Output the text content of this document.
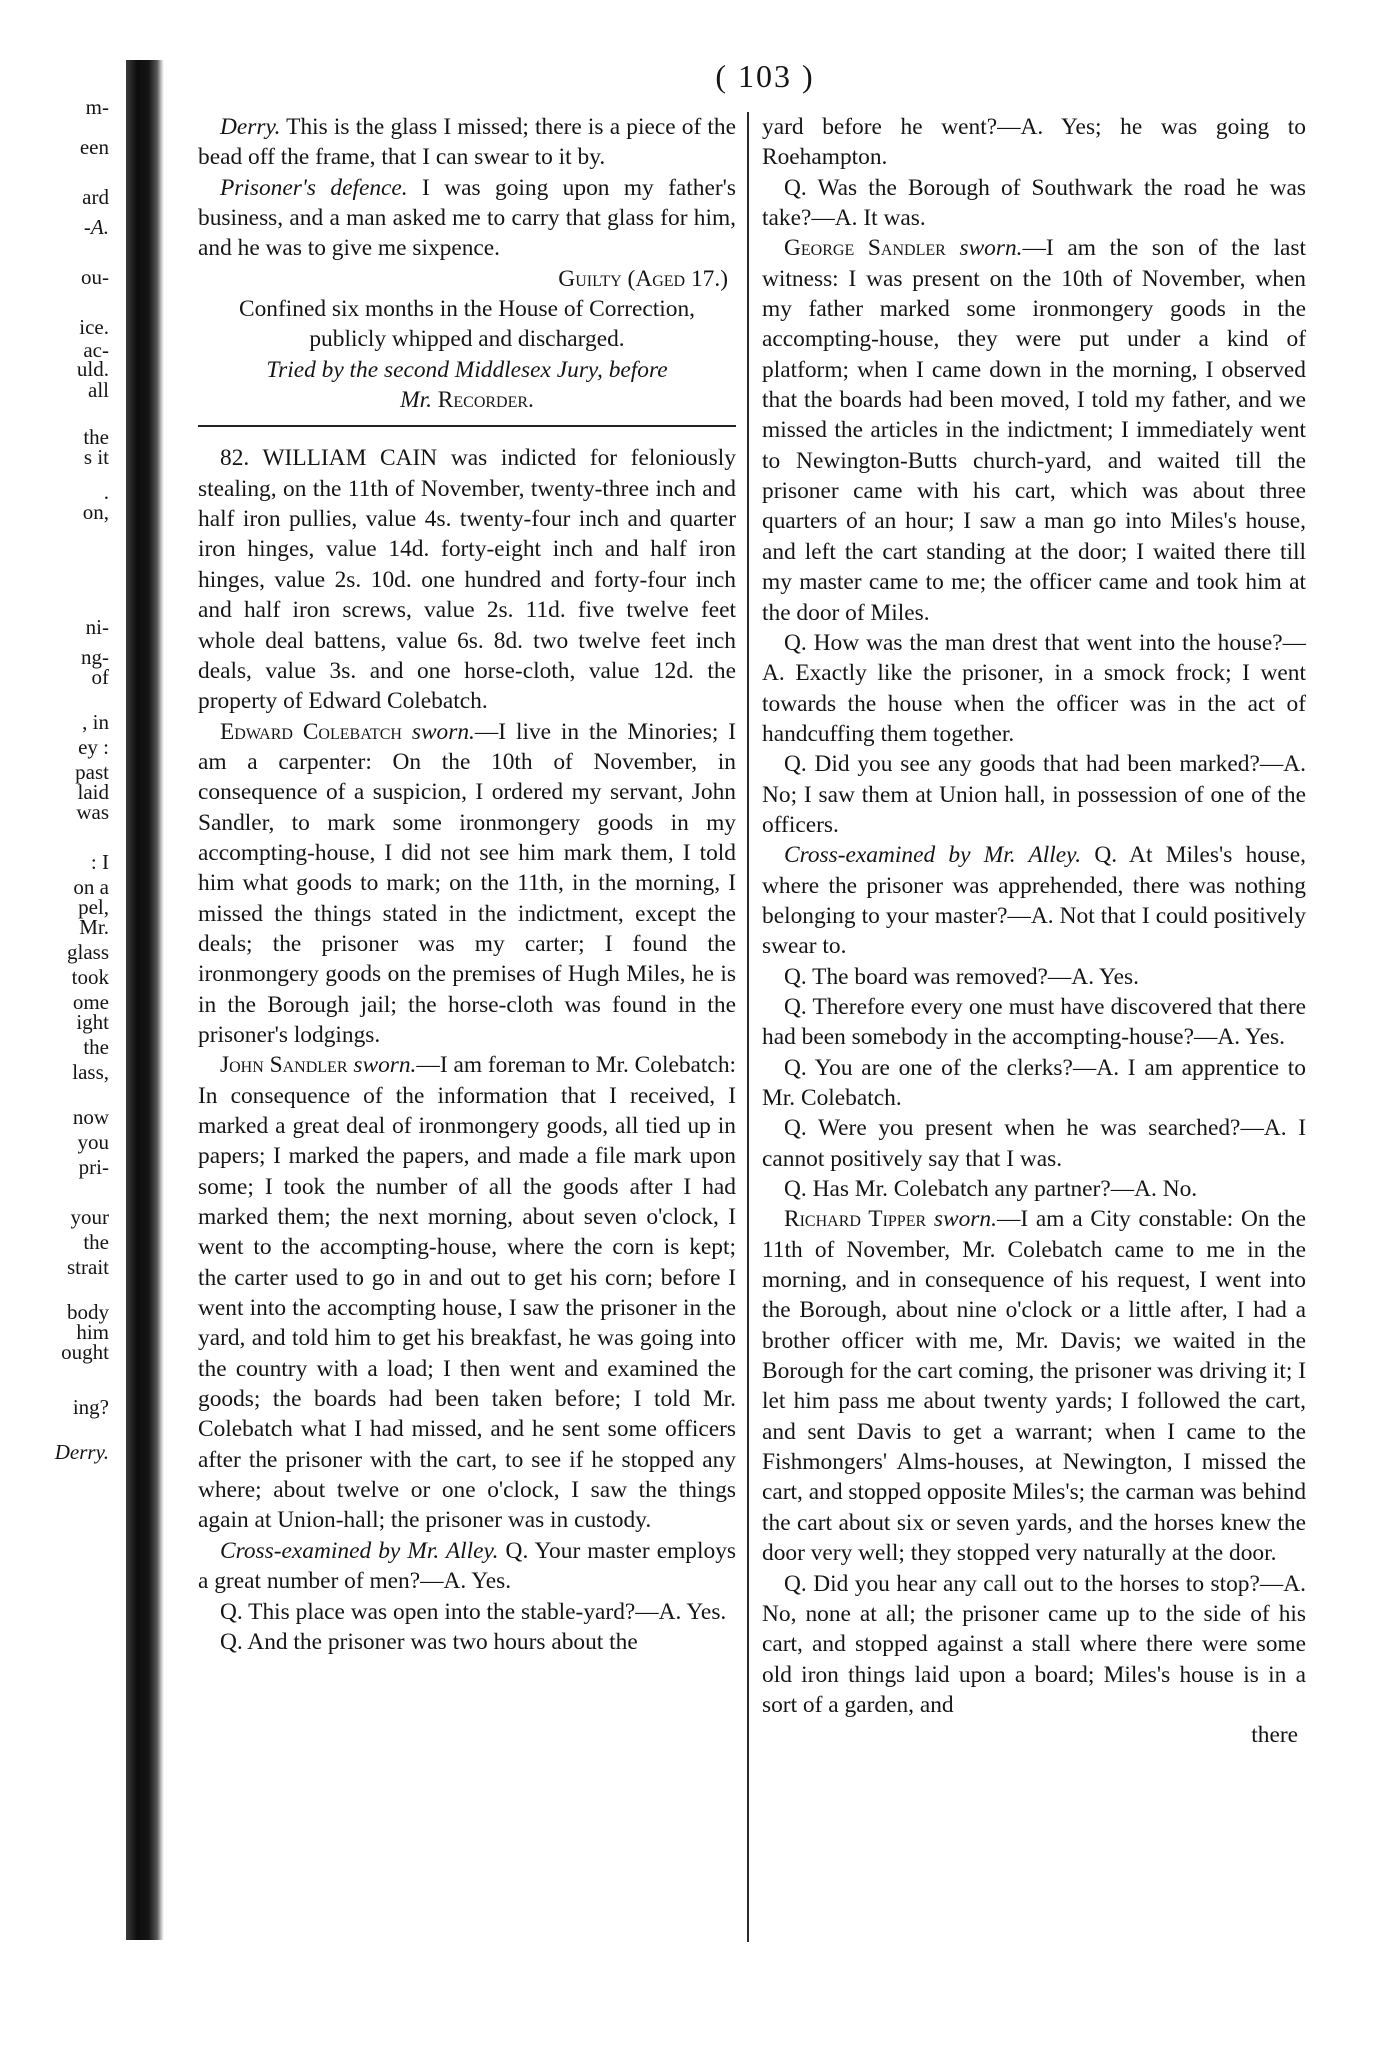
m-
een
ard
-A.
ou-
ice.
ac-
uld.
all
the
s it
.
on,
ni-
ng-
of
, in
ey :
past
laid
was
: I
on a
pel,
Mr.
glass
took
ome
ight
the
lass,
now
you
pri-
your
the
strait
body
him
ought
ing?
Derry.
( 103 )

Derry. This is the glass I missed; there is a piece of the bead off the frame, that I can swear to it by.

Prisoner's defence. I was going upon my father's business, and a man asked me to carry that glass for him, and he was to give me sixpence.

Guilty (Aged 17.)

Confined six months in the House of Correction, publicly whipped and discharged.

Tried by the second Middlesex Jury, before
Mr. Recorder.

82. WILLIAM CAIN was indicted for feloniously stealing, on the 11th of November, twenty-three inch and half iron pullies, value 4s. twenty-four inch and quarter iron hinges, value 14d. forty-eight inch and half iron hinges, value 2s. 10d. one hundred and forty-four inch and half iron screws, value 2s. 11d. five twelve feet whole deal battens, value 6s. 8d. two twelve feet inch deals, value 3s. and one horse-cloth, value 12d. the property of Edward Colebatch.

Edward Colebatch sworn.—I live in the Minories; I am a carpenter: On the 10th of November, in consequence of a suspicion, I ordered my servant, John Sandler, to mark some ironmongery goods in my accompting-house, I did not see him mark them, I told him what goods to mark; on the 11th, in the morning, I missed the things stated in the indictment, except the deals; the prisoner was my carter; I found the ironmongery goods on the premises of Hugh Miles, he is in the Borough jail; the horse-cloth was found in the prisoner's lodgings.

John Sandler sworn.—I am foreman to Mr. Colebatch: In consequence of the information that I received, I marked a great deal of ironmongery goods, all tied up in papers; I marked the papers, and made a file mark upon some; I took the number of all the goods after I had marked them; the next morning, about seven o'clock, I went to the accompting-house, where the corn is kept; the carter used to go in and out to get his corn; before I went into the accompting house, I saw the prisoner in the yard, and told him to get his breakfast, he was going into the country with a load; I then went and examined the goods; the boards had been taken before; I told Mr. Colebatch what I had missed, and he sent some officers after the prisoner with the cart, to see if he stopped any where; about twelve or one o'clock, I saw the things again at Union-hall; the prisoner was in custody.

Cross-examined by Mr. Alley. Q. Your master employs a great number of men?—A. Yes.

Q. This place was open into the stable-yard?—A. Yes.

Q. And the prisoner was two hours about the

yard before he went?—A. Yes; he was going to Roehampton.

Q. Was the Borough of Southwark the road he was take?—A. It was.

George Sandler sworn.—I am the son of the last witness: I was present on the 10th of November, when my father marked some ironmongery goods in the accompting-house, they were put under a kind of platform; when I came down in the morning, I observed that the boards had been moved, I told my father, and we missed the articles in the indictment; I immediately went to Newington-Butts church-yard, and waited till the prisoner came with his cart, which was about three quarters of an hour; I saw a man go into Miles's house, and left the cart standing at the door; I waited there till my master came to me; the officer came and took him at the door of Miles.

Q. How was the man drest that went into the house?—A. Exactly like the prisoner, in a smock frock; I went towards the house when the officer was in the act of handcuffing them together.

Q. Did you see any goods that had been marked?—A. No; I saw them at Union hall, in possession of one of the officers.

Cross-examined by Mr. Alley. Q. At Miles's house, where the prisoner was apprehended, there was nothing belonging to your master?—A. Not that I could positively swear to.

Q. The board was removed?—A. Yes.

Q. Therefore every one must have discovered that there had been somebody in the accompting-house?—A. Yes.

Q. You are one of the clerks?—A. I am apprentice to Mr. Colebatch.

Q. Were you present when he was searched?—A. I cannot positively say that I was.

Q. Has Mr. Colebatch any partner?—A. No.

Richard Tipper sworn.—I am a City constable: On the 11th of November, Mr. Colebatch came to me in the morning, and in consequence of his request, I went into the Borough, about nine o'clock or a little after, I had a brother officer with me, Mr. Davis; we waited in the Borough for the cart coming, the prisoner was driving it; I let him pass me about twenty yards; I followed the cart, and sent Davis to get a warrant; when I came to the Fishmongers' Alms-houses, at Newington, I missed the cart, and stopped opposite Miles's; the carman was behind the cart about six or seven yards, and the horses knew the door very well; they stopped very naturally at the door.

Q. Did you hear any call out to the horses to stop?—A. No, none at all; the prisoner came up to the side of his cart, and stopped against a stall where there were some old iron things laid upon a board; Miles's house is in a sort of a garden, and

there
